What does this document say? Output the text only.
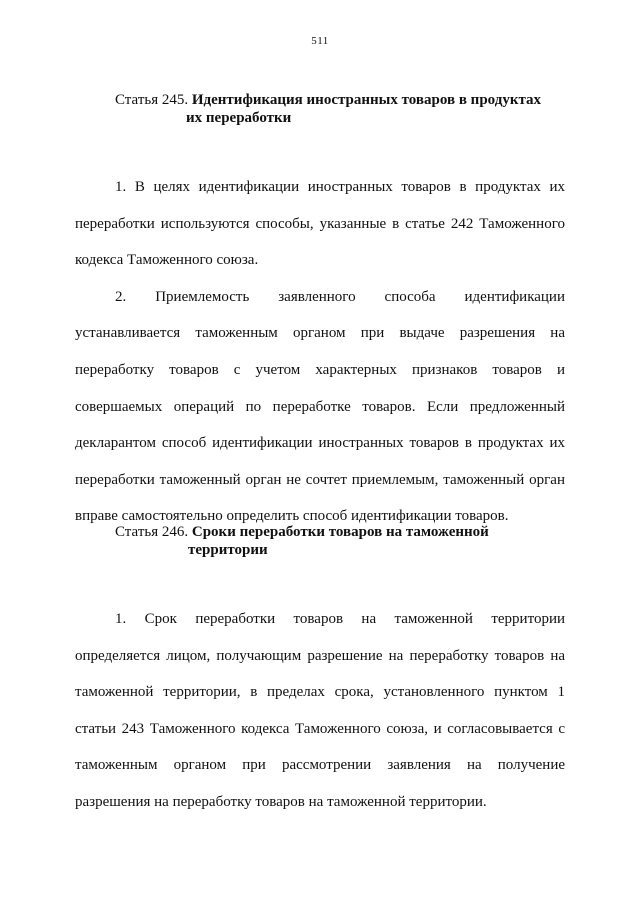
511
Статья 245. Идентификация иностранных товаров в продуктах
их переработки

1. В целях идентификации иностранных товаров в продуктах их переработки используются способы, указанные в статье 242 Таможенного кодекса Таможенного союза.

2. Приемлемость заявленного способа идентификации устанавливается таможенным органом при выдаче разрешения на переработку товаров с учетом характерных признаков товаров и совершаемых операций по переработке товаров. Если предложенный декларантом способ идентификации иностранных товаров в продуктах их переработки таможенный орган не сочтет приемлемым, таможенный орган вправе самостоятельно определить способ идентификации товаров.

Статья 246. Сроки переработки товаров на таможенной
территории

1. Срок переработки товаров на таможенной территории определяется лицом, получающим разрешение на переработку товаров на таможенной территории, в пределах срока, установленного пунктом 1 статьи 243 Таможенного кодекса Таможенного союза, и согласовывается с таможенным органом при рассмотрении заявления на получение разрешения на переработку товаров на таможенной территории.
